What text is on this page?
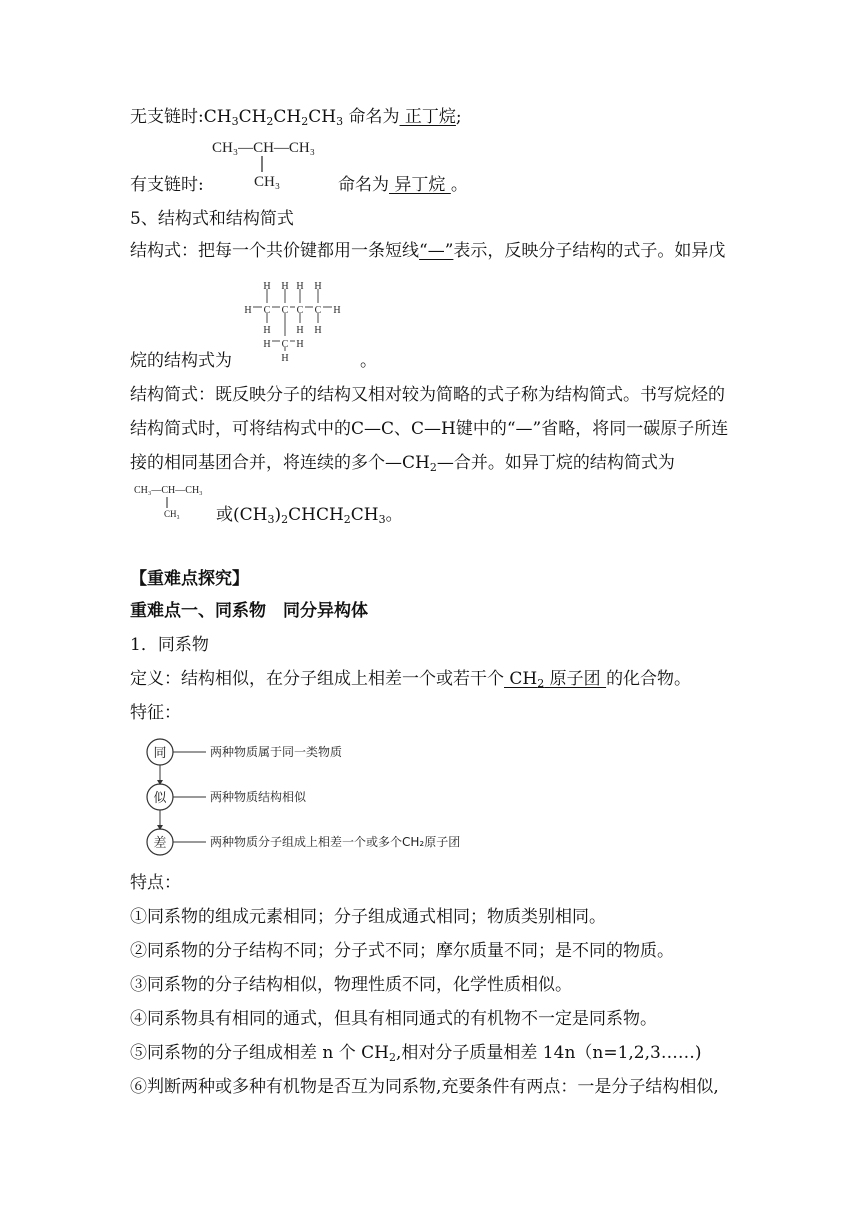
无支链时$:CH_3CH_2CH_2CH_3$ 命名为 正丁烷;
CH₃—CH—CH₃
CH₃
有支链时:	命名为 异丁烷 。
5、结构式和结构简式
结构式：把每一个共价键都用一条短线“—”表示，反映分子结构的式子。如异戊
H H H H
H C C C C H
H	H H
H C H
H
烷的结构式为	。
结构简式：既反映分子的结构又相对较为简略的式子称为结构简式。书写烷烃的
结构简式时，可将结构式中的C—C、C—H键中的“—”省略，将同一碳原子所连
接的相同基团合并，将连续的多个$—CH_2—$合并。如异丁烷的结构简式为
CH₃—CH—CH₃
CH₃ 或$(CH_3)_2CHCH_2CH_3$。
【重难点探究】
重难点一、同系物　同分异构体
1．同系物
定义：结构相似，在分子组成上相差一个或若干个 $CH_2$ 原子团 的化合物。
特征：
同	两种物质属于同一类物质
似	两种物质结构相似
差	两种物质分子组成上相差一个或多个CH₂原子团
特点：
①同系物的组成元素相同；分子组成通式相同；物质类别相同。
②同系物的分子结构不同；分子式不同；摩尔质量不同；是不同的物质。
③同系物的分子结构相似，物理性质不同，化学性质相似。
④同系物具有相同的通式，但具有相同通式的有机物不一定是同系物。
⑤同系物的分子组成相差 n 个 $CH_2$,相对分子质量相差 14n（n=1,2,3……)
⑥判断两种或多种有机物是否互为同系物,充要条件有两点：一是分子结构相似,
